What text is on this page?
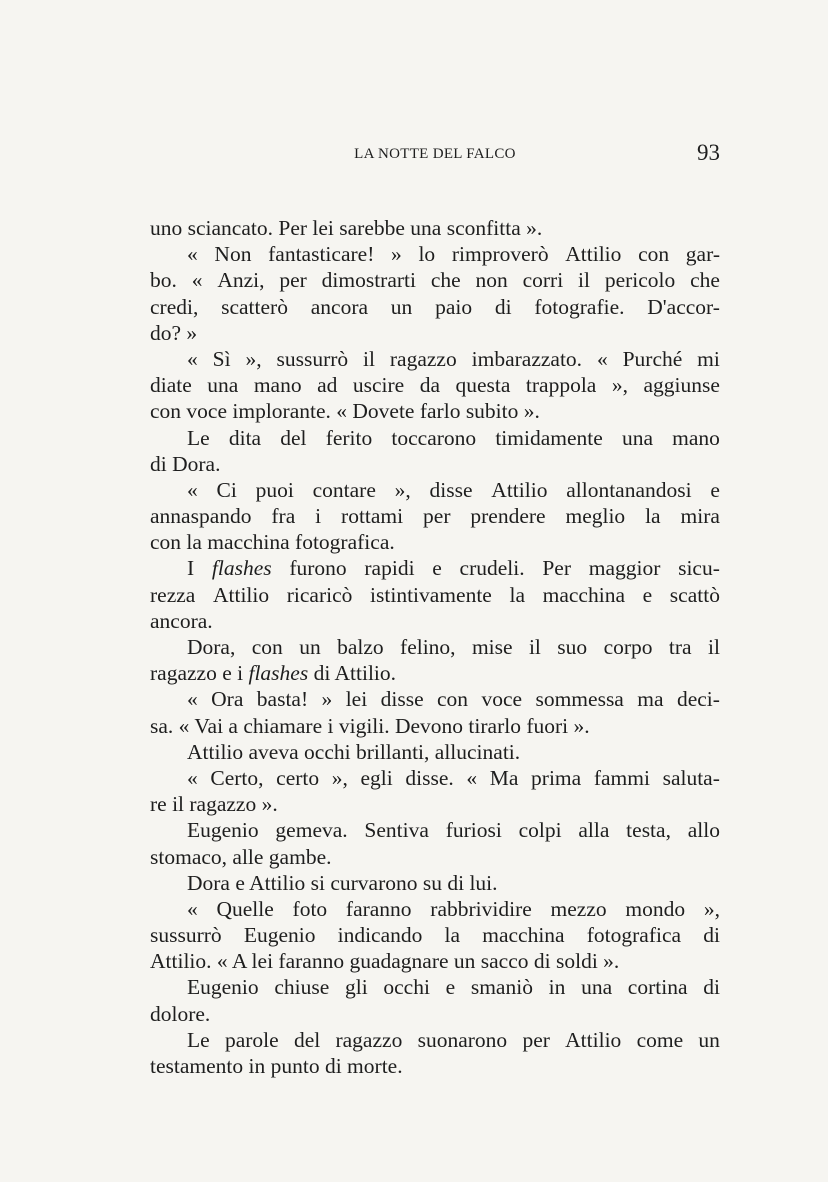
LA NOTTE DEL FALCO	93
uno sciancato. Per lei sarebbe una sconfitta ».
« Non fantasticare! » lo rimproverò Attilio con gar-
bo. « Anzi, per dimostrarti che non corri il pericolo che
credi, scatterò ancora un paio di fotografie. D'accor-
do? »
« Sì », sussurrò il ragazzo imbarazzato. « Purché mi
diate una mano ad uscire da questa trappola », aggiunse
con voce implorante. « Dovete farlo subito ».
Le dita del ferito toccarono timidamente una mano
di Dora.
« Ci puoi contare », disse Attilio allontanandosi e
annaspando fra i rottami per prendere meglio la mira
con la macchina fotografica.
I flashes furono rapidi e crudeli. Per maggior sicu-
rezza Attilio ricaricò istintivamente la macchina e scattò
ancora.
Dora, con un balzo felino, mise il suo corpo tra il
ragazzo e i flashes di Attilio.
« Ora basta! » lei disse con voce sommessa ma deci-
sa. « Vai a chiamare i vigili. Devono tirarlo fuori ».
Attilio aveva occhi brillanti, allucinati.
« Certo, certo », egli disse. « Ma prima fammi saluta-
re il ragazzo ».
Eugenio gemeva. Sentiva furiosi colpi alla testa, allo
stomaco, alle gambe.
Dora e Attilio si curvarono su di lui.
« Quelle foto faranno rabbrividire mezzo mondo »,
sussurrò Eugenio indicando la macchina fotografica di
Attilio. « A lei faranno guadagnare un sacco di soldi ».
Eugenio chiuse gli occhi e smaniò in una cortina di
dolore.
Le parole del ragazzo suonarono per Attilio come un
testamento in punto di morte.
